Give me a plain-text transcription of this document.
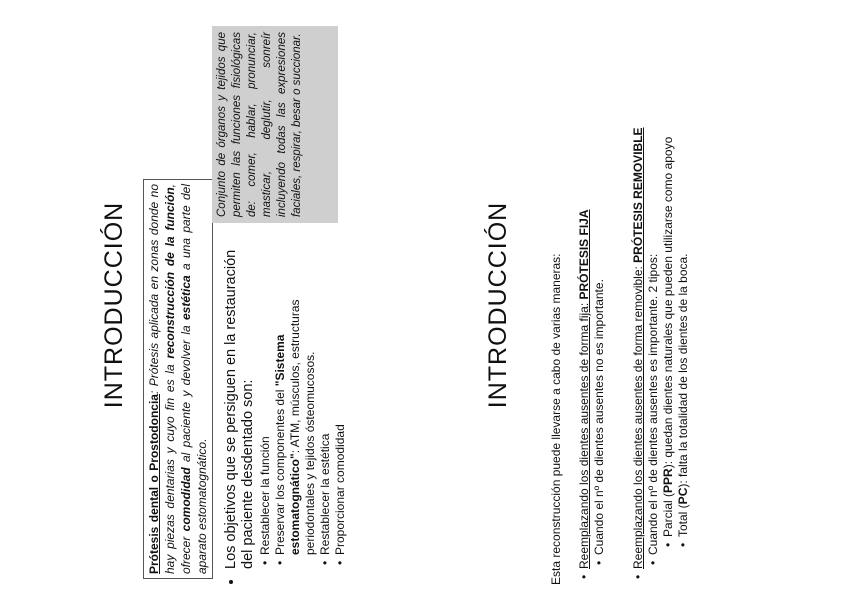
INTRODUCCIÓN
Prótesis dental o Prostodoncia: Prótesis aplicada en zonas donde no hay piezas dentarias y cuyo fin es la reconstrucción de la función, ofrecer comodidad al paciente y devolver la estética a una parte del aparato estomatognático. • Los objetivos que se persiguen en la restauración del paciente desdentado son: • Restablecer la función • Preservar los componentes del "Sistema estomatognático": ATM, músculos, estructuras periodontales y tejidos ósteomucosos. • Restablecer la estética • Proporcionar comodidad
Conjunto de órganos y tejidos que permiten las funciones fisiológicas de: comer, hablar, pronunciar, masticar, deglutir, sonreír incluyendo todas las expresiones faciales, respirar, besar o succionar.
INTRODUCCIÓN	Esta reconstrucción puede llevarse a cabo de varias maneras: • Reemplazando los dientes ausentes de forma fija: PRÓTESIS FIJA
• Cuando el nº de dientes ausentes no es importante. • Reemplazando los dientes ausentes de forma removible: PRÓTESIS REMOVIBLE
• Cuando el nº de dientes ausentes es importante. 2 tipos: • Parcial (PPR): quedan dientes naturales que pueden utilizarse como apoyo
• Total (PC): falta la totalidad de los dientes de la boca.
